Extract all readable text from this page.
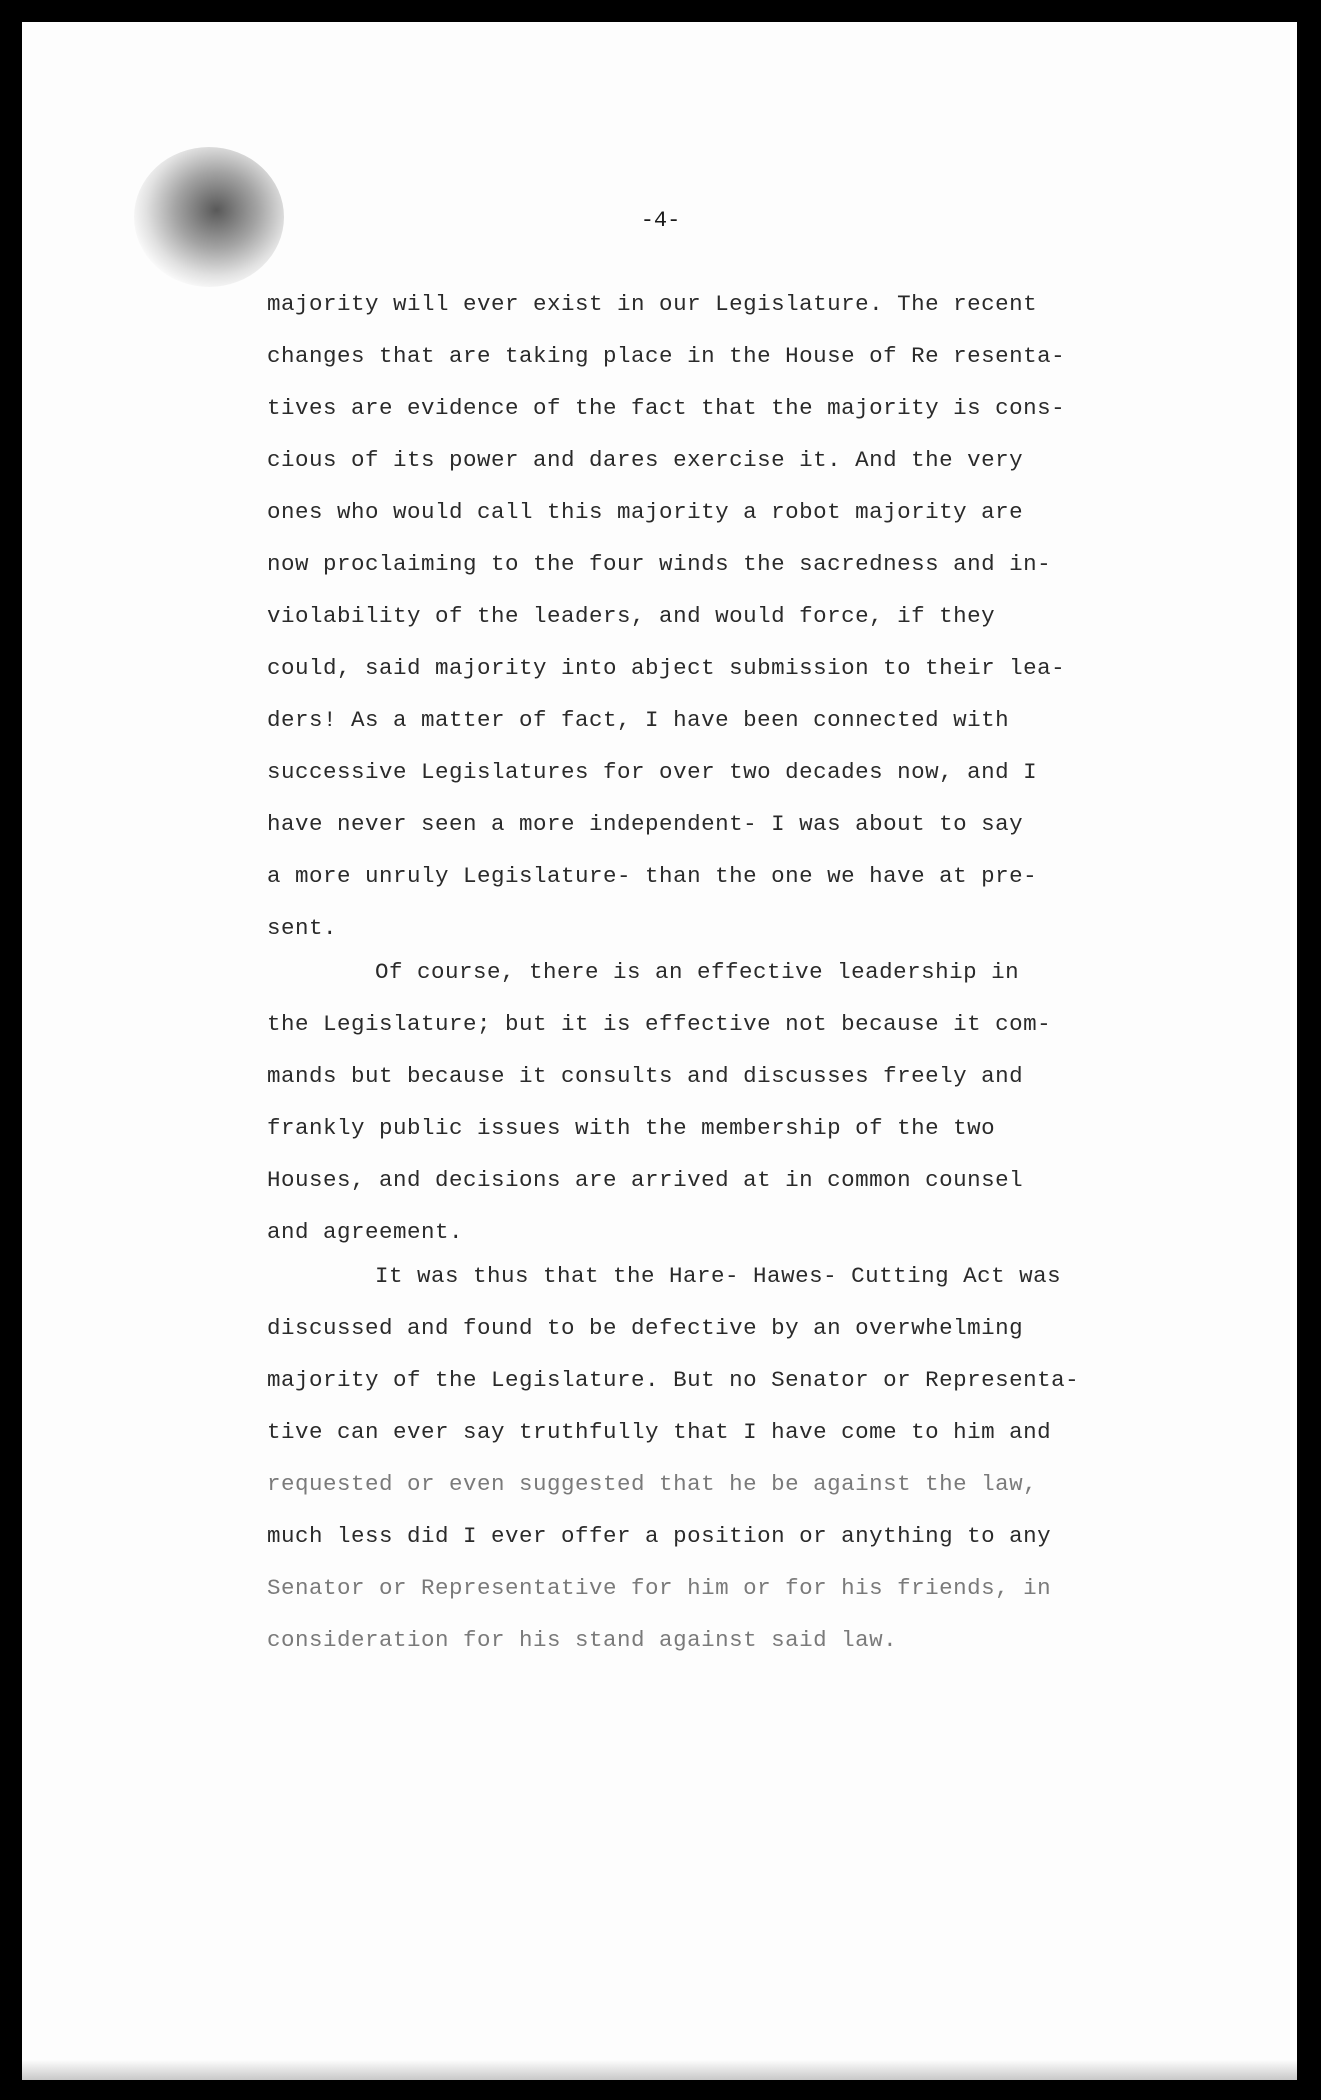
-4-
majority will ever exist in our Legislature. The recent
changes that are taking place in the House of Re resenta-
tives are evidence of the fact that the majority is cons-
cious of its power and dares exercise it. And the very
ones who would call this majority a robot majority are
now proclaiming to the four winds the sacredness and in-
violability of the leaders, and would force, if they
could, said majority into abject submission to their lea-
ders! As a matter of fact, I have been connected with
successive Legislatures for over two decades now, and I
have never seen a more independent- I was about to say
a more unruly Legislature- than the one we have at pre-
sent.
Of course, there is an effective leadership in
the Legislature; but it is effective not because it com-
mands but because it consults and discusses freely and
frankly public issues with the membership of the two
Houses, and decisions are arrived at in common counsel
and agreement.
It was thus that the Hare- Hawes- Cutting Act was
discussed and found to be defective by an overwhelming
majority of the Legislature. But no Senator or Representa-
tive can ever say truthfully that I have come to him and
requested or even suggested that he be against the law,
much less did I ever offer a position or anything to any
Senator or Representative for him or for his friends, in
consideration for his stand against said law.
